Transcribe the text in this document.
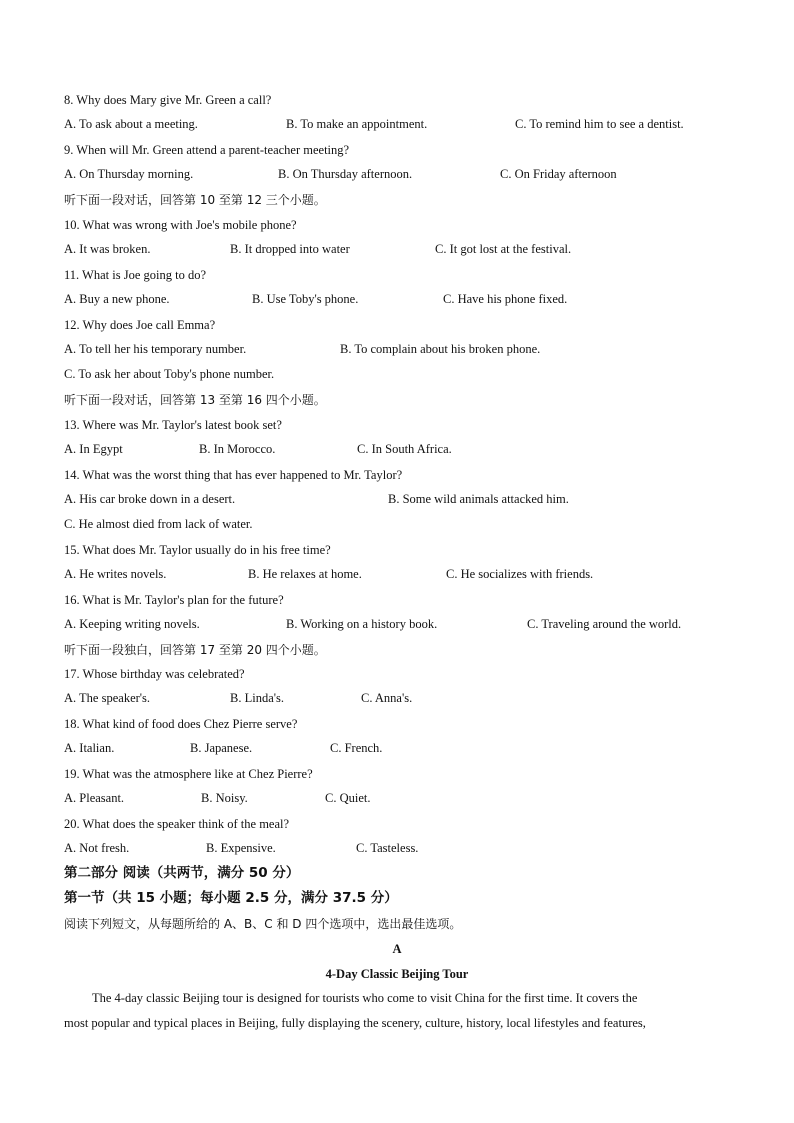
8. Why does Mary give Mr. Green a call?
A. To ask about a meeting.	B. To make an appointment.	C. To remind him to see a dentist.
9. When will Mr. Green attend a parent-teacher meeting?
A. On Thursday morning.	B. On Thursday afternoon.	C. On Friday afternoon
听下面一段对话，回答第 10 至第 12 三个小题。
10. What was wrong with Joe's mobile phone?
A. It was broken.	B. It dropped into water	C. It got lost at the festival.
11. What is Joe going to do?
A. Buy a new phone.	B. Use Toby's phone.	C. Have his phone fixed.
12. Why does Joe call Emma?
A. To tell her his temporary number.	B. To complain about his broken phone.
C. To ask her about Toby's phone number.
听下面一段对话，回答第 13 至第 16 四个小题。
13. Where was Mr. Taylor's latest book set?
A. In Egypt	B. In Morocco.	C. In South Africa.
14. What was the worst thing that has ever happened to Mr. Taylor?
A. His car broke down in a desert.	B. Some wild animals attacked him.
C. He almost died from lack of water.
15. What does Mr. Taylor usually do in his free time?
A. He writes novels.	B. He relaxes at home.	C. He socializes with friends.
16. What is Mr. Taylor's plan for the future?
A. Keeping writing novels.	B. Working on a history book.	C. Traveling around the world.
听下面一段独白，回答第 17 至第 20 四个小题。
17. Whose birthday was celebrated?
A. The speaker's.	B. Linda's.	C. Anna's.
18. What kind of food does Chez Pierre serve?
A. Italian.	B. Japanese.	C. French.
19. What was the atmosphere like at Chez Pierre?
A. Pleasant.	B. Noisy.	C. Quiet.
20. What does the speaker think of the meal?
A. Not fresh.	B. Expensive.	C. Tasteless.
第二部分 阅读（共两节，满分 50 分）
第一节（共 15 小题；每小题 2.5 分，满分 37.5 分）
阅读下列短文，从每题所给的 A、B、C 和 D 四个选项中，选出最佳选项。
A
4-Day Classic Beijing Tour
The 4-day classic Beijing tour is designed for tourists who come to visit China for the first time. It covers the
most popular and typical places in Beijing, fully displaying the scenery, culture, history, local lifestyles and features,
